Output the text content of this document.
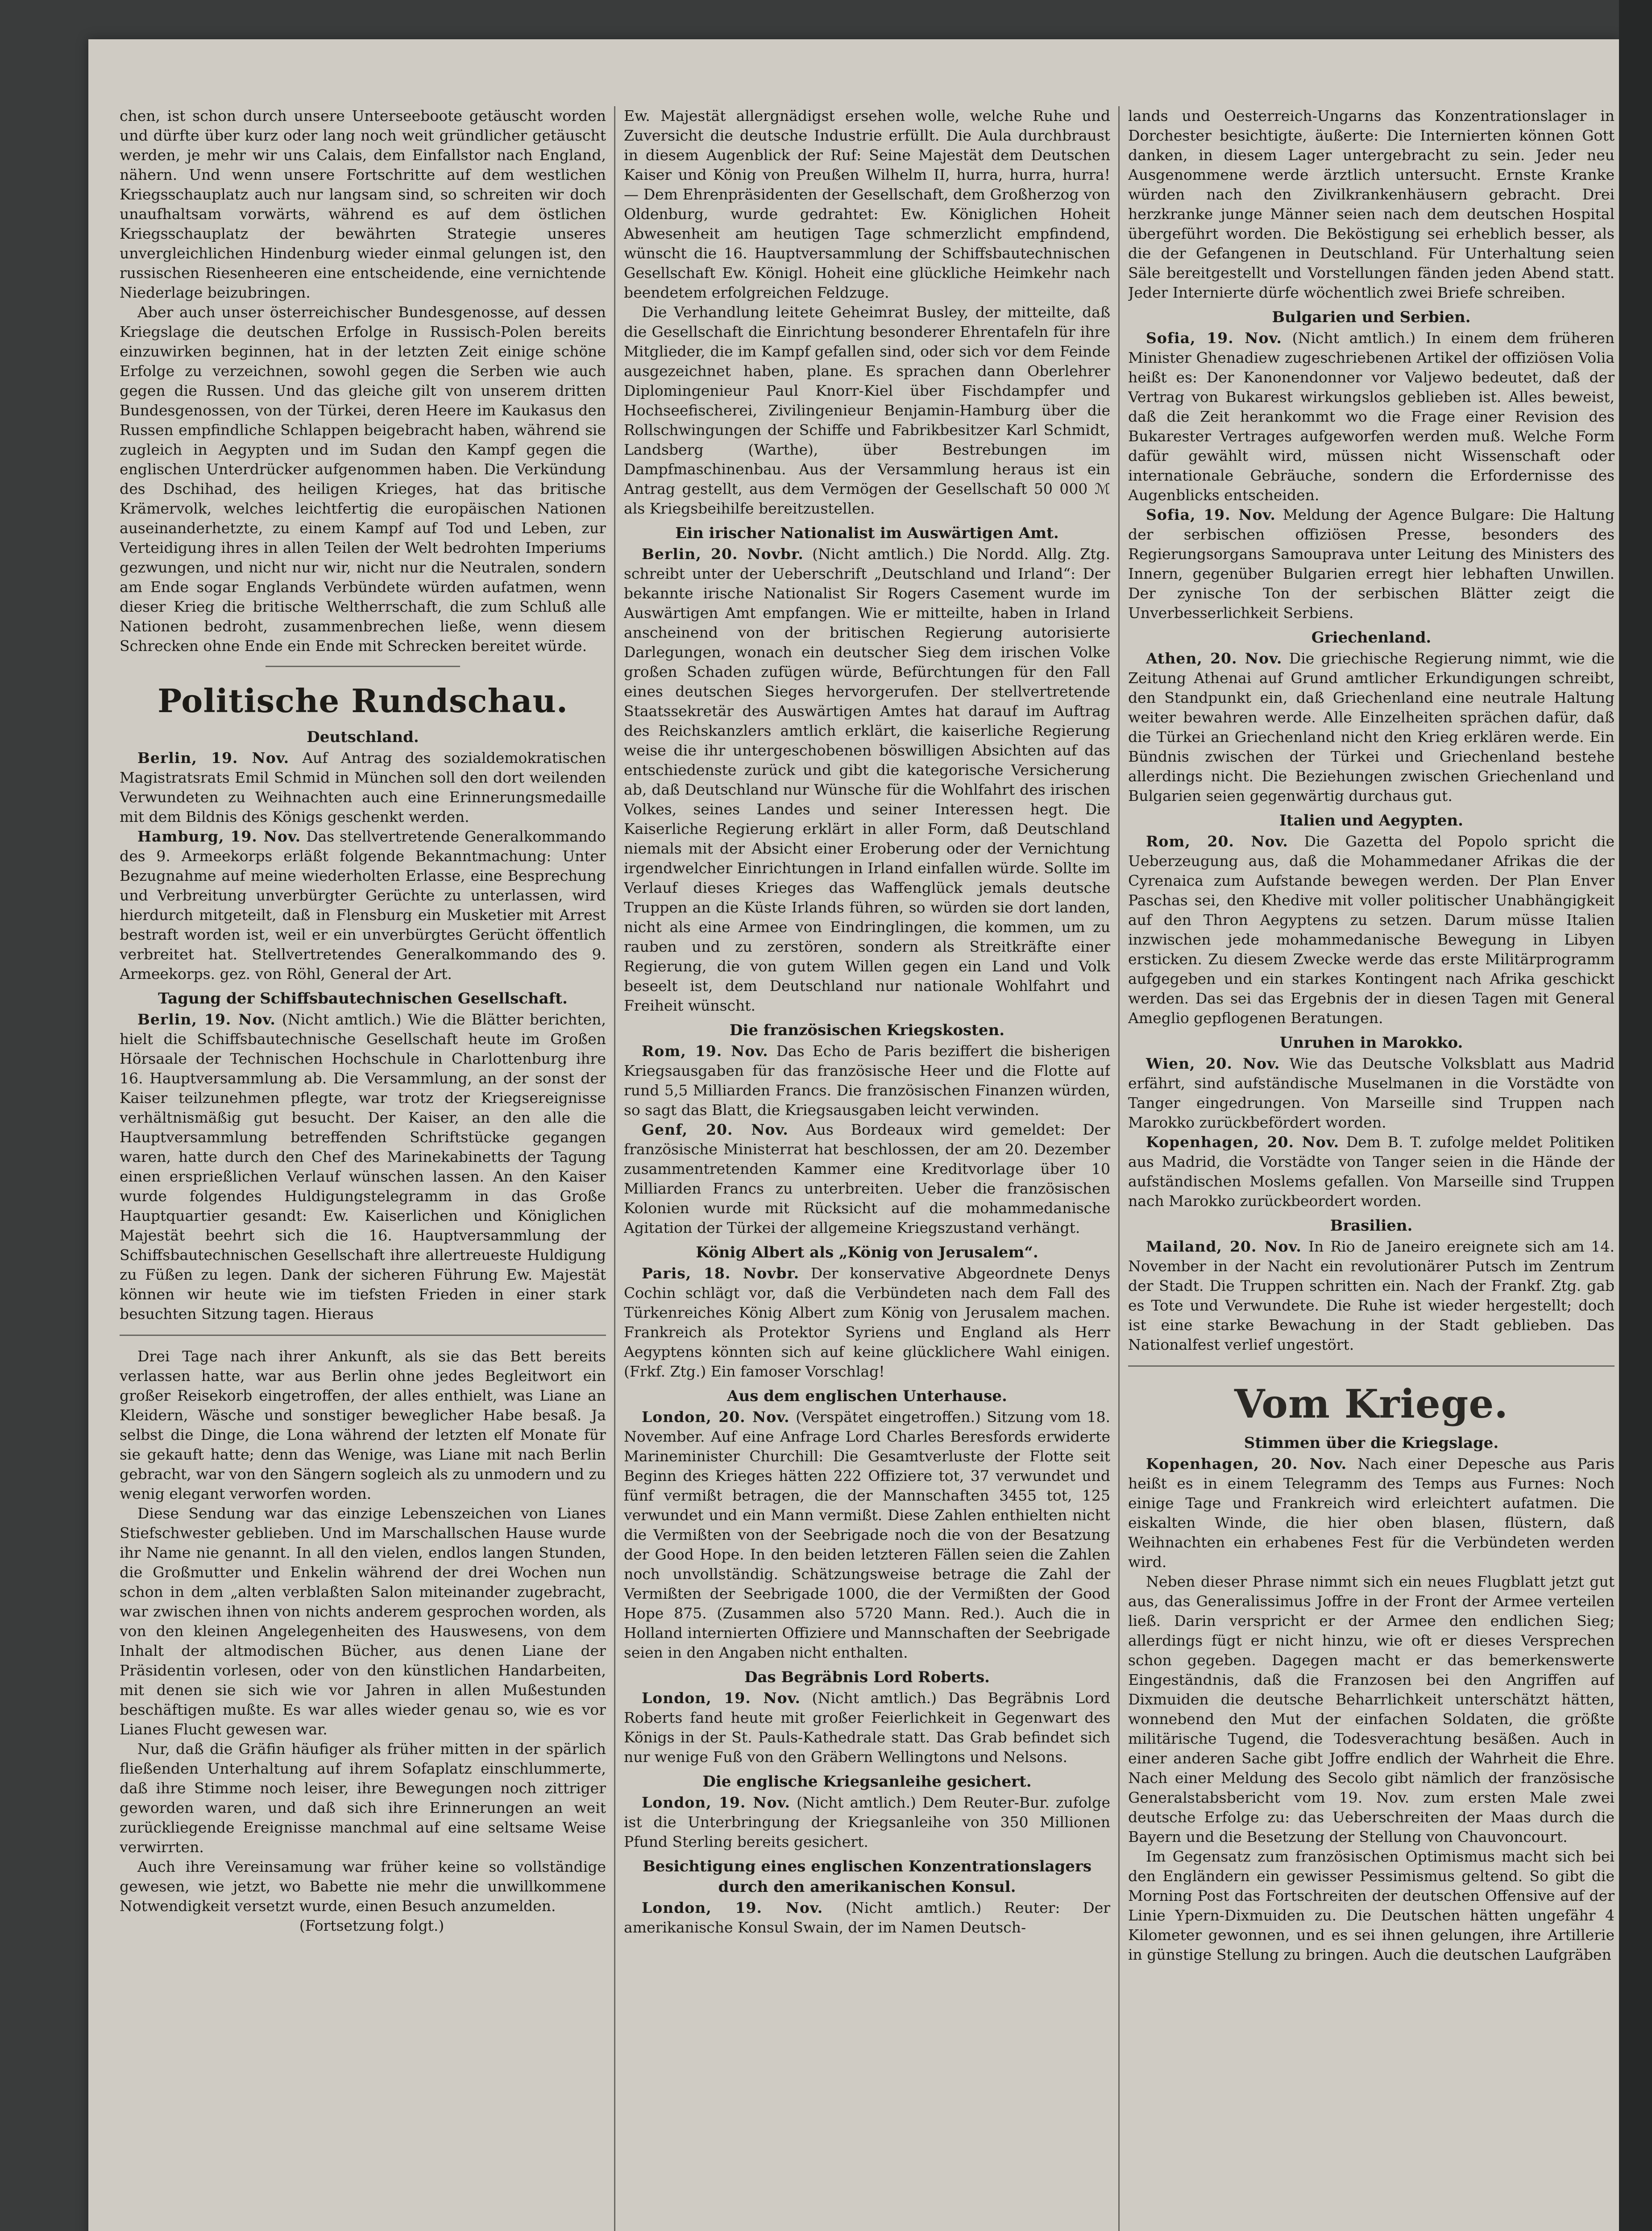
chen, ist schon durch unsere Unterseeboote getäuscht worden und dürfte über kurz oder lang noch weit gründlicher getäuscht werden, je mehr wir uns Calais, dem Einfallstor nach England, nähern. Und wenn unsere Fortschritte auf dem westlichen Kriegsschauplatz auch nur langsam sind, so schreiten wir doch unaufhaltsam vorwärts, während es auf dem östlichen Kriegsschauplatz der bewährten Strategie unseres unvergleichlichen Hindenburg wieder einmal gelungen ist, den russischen Riesenheeren eine entscheidende, eine vernichtende Niederlage beizubringen.

Aber auch unser österreichischer Bundesgenosse, auf dessen Kriegslage die deutschen Erfolge in Russisch-Polen bereits einzuwirken beginnen, hat in der letzten Zeit einige schöne Erfolge zu verzeichnen, sowohl gegen die Serben wie auch gegen die Russen. Und das gleiche gilt von unserem dritten Bundesgenossen, von der Türkei, deren Heere im Kaukasus den Russen empfindliche Schlappen beigebracht haben, während sie zugleich in Aegypten und im Sudan den Kampf gegen die englischen Unterdrücker aufgenommen haben. Die Verkündung des Dschihad, des heiligen Krieges, hat das britische Krämervolk, welches leichtfertig die europäischen Nationen auseinanderhetzte, zu einem Kampf auf Tod und Leben, zur Verteidigung ihres in allen Teilen der Welt bedrohten Imperiums gezwungen, und nicht nur wir, nicht nur die Neutralen, sondern am Ende sogar Englands Verbündete würden aufatmen, wenn dieser Krieg die britische Weltherrschaft, die zum Schluß alle Nationen bedroht, zusammenbrechen ließe, wenn diesem Schrecken ohne Ende ein Ende mit Schrecken bereitet würde.

Politische Rundschau.
Deutschland.

Berlin, 19. Nov. Auf Antrag des sozialdemokratischen Magistratsrats Emil Schmid in München soll den dort weilenden Verwundeten zu Weihnachten auch eine Erinnerungsmedaille mit dem Bildnis des Königs geschenkt werden.

Hamburg, 19. Nov. Das stellvertretende Generalkommando des 9. Armeekorps erläßt folgende Bekanntmachung: Unter Bezugnahme auf meine wiederholten Erlasse, eine Besprechung und Verbreitung unverbürgter Gerüchte zu unterlassen, wird hierdurch mitgeteilt, daß in Flensburg ein Musketier mit Arrest bestraft worden ist, weil er ein unverbürgtes Gerücht öffentlich verbreitet hat. Stellvertretendes Generalkommando des 9. Armeekorps. gez. von Röhl, General der Art.

Tagung der Schiffsbautechnischen Gesellschaft.

Berlin, 19. Nov. (Nicht amtlich.) Wie die Blätter berichten, hielt die Schiffsbautechnische Gesellschaft heute im Großen Hörsaale der Technischen Hochschule in Charlottenburg ihre 16. Hauptversammlung ab. Die Versammlung, an der sonst der Kaiser teilzunehmen pflegte, war trotz der Kriegsereignisse verhältnismäßig gut besucht. Der Kaiser, an den alle die Hauptversammlung betreffenden Schriftstücke gegangen waren, hatte durch den Chef des Marinekabinetts der Tagung einen ersprießlichen Verlauf wünschen lassen. An den Kaiser wurde folgendes Huldigungstelegramm in das Große Hauptquartier gesandt: Ew. Kaiserlichen und Königlichen Majestät beehrt sich die 16. Hauptversammlung der Schiffsbautechnischen Gesellschaft ihre allertreueste Huldigung zu Füßen zu legen. Dank der sicheren Führung Ew. Majestät können wir heute wie im tiefsten Frieden in einer stark besuchten Sitzung tagen. Hieraus

Drei Tage nach ihrer Ankunft, als sie das Bett bereits verlassen hatte, war aus Berlin ohne jedes Begleitwort ein großer Reisekorb eingetroffen, der alles enthielt, was Liane an Kleidern, Wäsche und sonstiger beweglicher Habe besaß. Ja selbst die Dinge, die Lona während der letzten elf Monate für sie gekauft hatte; denn das Wenige, was Liane mit nach Berlin gebracht, war von den Sängern sogleich als zu unmodern und zu wenig elegant verworfen worden.

Diese Sendung war das einzige Lebenszeichen von Lianes Stiefschwester geblieben. Und im Marschallschen Hause wurde ihr Name nie genannt. In all den vielen, endlos langen Stunden, die Großmutter und Enkelin während der drei Wochen nun schon in dem „alten verblaßten Salon miteinander zugebracht, war zwischen ihnen von nichts anderem gesprochen worden, als von den kleinen Angelegenheiten des Hauswesens, von dem Inhalt der altmodischen Bücher, aus denen Liane der Präsidentin vorlesen, oder von den künstlichen Handarbeiten, mit denen sie sich wie vor Jahren in allen Mußestunden beschäftigen mußte. Es war alles wieder genau so, wie es vor Lianes Flucht gewesen war.

Nur, daß die Gräfin häufiger als früher mitten in der spärlich fließenden Unterhaltung auf ihrem Sofaplatz einschlummerte, daß ihre Stimme noch leiser, ihre Bewegungen noch zittriger geworden waren, und daß sich ihre Erinnerungen an weit zurückliegende Ereignisse manchmal auf eine seltsame Weise verwirrten.

Auch ihre Vereinsamung war früher keine so vollständige gewesen, wie jetzt, wo Babette nie mehr die unwillkommene Notwendigkeit versetzt wurde, einen Besuch anzumelden.

(Fortsetzung folgt.)

Ew. Majestät allergnädigst ersehen wolle, welche Ruhe und Zuversicht die deutsche Industrie erfüllt. Die Aula durchbraust in diesem Augenblick der Ruf: Seine Majestät dem Deutschen Kaiser und König von Preußen Wilhelm II, hurra, hurra, hurra! — Dem Ehrenpräsidenten der Gesellschaft, dem Großherzog von Oldenburg, wurde gedrahtet: Ew. Königlichen Hoheit Abwesenheit am heutigen Tage schmerzlicht empfindend, wünscht die 16. Hauptversammlung der Schiffsbautechnischen Gesellschaft Ew. Königl. Hoheit eine glückliche Heimkehr nach beendetem erfolgreichen Feldzuge.

Die Verhandlung leitete Geheimrat Busley, der mitteilte, daß die Gesellschaft die Einrichtung besonderer Ehrentafeln für ihre Mitglieder, die im Kampf gefallen sind, oder sich vor dem Feinde ausgezeichnet haben, plane. Es sprachen dann Oberlehrer Diplomingenieur Paul Knorr-Kiel über Fischdampfer und Hochseefischerei, Zivilingenieur Benjamin-Hamburg über die Rollschwingungen der Schiffe und Fabrikbesitzer Karl Schmidt, Landsberg (Warthe), über Bestrebungen im Dampfmaschinenbau. Aus der Versammlung heraus ist ein Antrag gestellt, aus dem Vermögen der Gesellschaft 50 000 ℳ als Kriegsbeihilfe bereitzustellen.

Ein irischer Nationalist im Auswärtigen Amt.

Berlin, 20. Novbr. (Nicht amtlich.) Die Nordd. Allg. Ztg. schreibt unter der Ueberschrift „Deutschland und Irland“: Der bekannte irische Nationalist Sir Rogers Casement wurde im Auswärtigen Amt empfangen. Wie er mitteilte, haben in Irland anscheinend von der britischen Regierung autorisierte Darlegungen, wonach ein deutscher Sieg dem irischen Volke großen Schaden zufügen würde, Befürchtungen für den Fall eines deutschen Sieges hervorgerufen. Der stellvertretende Staatssekretär des Auswärtigen Amtes hat darauf im Auftrag des Reichskanzlers amtlich erklärt, die kaiserliche Regierung weise die ihr untergeschobenen böswilligen Absichten auf das entschiedenste zurück und gibt die kategorische Versicherung ab, daß Deutschland nur Wünsche für die Wohlfahrt des irischen Volkes, seines Landes und seiner Interessen hegt. Die Kaiserliche Regierung erklärt in aller Form, daß Deutschland niemals mit der Absicht einer Eroberung oder der Vernichtung irgendwelcher Einrichtungen in Irland einfallen würde. Sollte im Verlauf dieses Krieges das Waffenglück jemals deutsche Truppen an die Küste Irlands führen, so würden sie dort landen, nicht als eine Armee von Eindringlingen, die kommen, um zu rauben und zu zerstören, sondern als Streitkräfte einer Regierung, die von gutem Willen gegen ein Land und Volk beseelt ist, dem Deutschland nur nationale Wohlfahrt und Freiheit wünscht.

Die französischen Kriegskosten.

Rom, 19. Nov. Das Echo de Paris beziffert die bisherigen Kriegsausgaben für das französische Heer und die Flotte auf rund 5,5 Milliarden Francs. Die französischen Finanzen würden, so sagt das Blatt, die Kriegsausgaben leicht verwinden.

Genf, 20. Nov. Aus Bordeaux wird gemeldet: Der französische Ministerrat hat beschlossen, der am 20. Dezember zusammentretenden Kammer eine Kreditvorlage über 10 Milliarden Francs zu unterbreiten. Ueber die französischen Kolonien wurde mit Rücksicht auf die mohammedanische Agitation der Türkei der allgemeine Kriegszustand verhängt.

König Albert als „König von Jerusalem“.

Paris, 18. Novbr. Der konservative Abgeordnete Denys Cochin schlägt vor, daß die Verbündeten nach dem Fall des Türkenreiches König Albert zum König von Jerusalem machen. Frankreich als Protektor Syriens und England als Herr Aegyptens könnten sich auf keine glücklichere Wahl einigen. (Frkf. Ztg.) Ein famoser Vorschlag!

Aus dem englischen Unterhause.

London, 20. Nov. (Verspätet eingetroffen.) Sitzung vom 18. November. Auf eine Anfrage Lord Charles Beresfords erwiderte Marineminister Churchill: Die Gesamtverluste der Flotte seit Beginn des Krieges hätten 222 Offiziere tot, 37 verwundet und fünf vermißt betragen, die der Mannschaften 3455 tot, 125 verwundet und ein Mann vermißt. Diese Zahlen enthielten nicht die Vermißten von der Seebrigade noch die von der Besatzung der Good Hope. In den beiden letzteren Fällen seien die Zahlen noch unvollständig. Schätzungsweise betrage die Zahl der Vermißten der Seebrigade 1000, die der Vermißten der Good Hope 875. (Zusammen also 5720 Mann. Red.). Auch die in Holland internierten Offiziere und Mannschaften der Seebrigade seien in den Angaben nicht enthalten.

Das Begräbnis Lord Roberts.

London, 19. Nov. (Nicht amtlich.) Das Begräbnis Lord Roberts fand heute mit großer Feierlichkeit in Gegenwart des Königs in der St. Pauls-Kathedrale statt. Das Grab befindet sich nur wenige Fuß von den Gräbern Wellingtons und Nelsons.

Die englische Kriegsanleihe gesichert.

London, 19. Nov. (Nicht amtlich.) Dem Reuter-Bur. zufolge ist die Unterbringung der Kriegsanleihe von 350 Millionen Pfund Sterling bereits gesichert.

Besichtigung eines englischen Konzentrationslagers durch den amerikanischen Konsul.

London, 19. Nov. (Nicht amtlich.) Reuter: Der amerikanische Konsul Swain, der im Namen Deutsch-

lands und Oesterreich-Ungarns das Konzentrationslager in Dorchester besichtigte, äußerte: Die Internierten können Gott danken, in diesem Lager untergebracht zu sein. Jeder neu Ausgenommene werde ärztlich untersucht. Ernste Kranke würden nach den Zivilkrankenhäusern gebracht. Drei herzkranke junge Männer seien nach dem deutschen Hospital übergeführt worden. Die Beköstigung sei erheblich besser, als die der Gefangenen in Deutschland. Für Unterhaltung seien Säle bereitgestellt und Vorstellungen fänden jeden Abend statt. Jeder Internierte dürfe wöchentlich zwei Briefe schreiben.

Bulgarien und Serbien.

Sofia, 19. Nov. (Nicht amtlich.) In einem dem früheren Minister Ghenadiew zugeschriebenen Artikel der offiziösen Volia heißt es: Der Kanonendonner vor Valjewo bedeutet, daß der Vertrag von Bukarest wirkungslos geblieben ist. Alles beweist, daß die Zeit herankommt wo die Frage einer Revision des Bukarester Vertrages aufgeworfen werden muß. Welche Form dafür gewählt wird, müssen nicht Wissenschaft oder internationale Gebräuche, sondern die Erfordernisse des Augenblicks entscheiden.

Sofia, 19. Nov. Meldung der Agence Bulgare: Die Haltung der serbischen offiziösen Presse, besonders des Regierungsorgans Samouprava unter Leitung des Ministers des Innern, gegenüber Bulgarien erregt hier lebhaften Unwillen. Der zynische Ton der serbischen Blätter zeigt die Unverbesserlichkeit Serbiens.

Griechenland.

Athen, 20. Nov. Die griechische Regierung nimmt, wie die Zeitung Athenai auf Grund amtlicher Erkundigungen schreibt, den Standpunkt ein, daß Griechenland eine neutrale Haltung weiter bewahren werde. Alle Einzelheiten sprächen dafür, daß die Türkei an Griechenland nicht den Krieg erklären werde. Ein Bündnis zwischen der Türkei und Griechenland bestehe allerdings nicht. Die Beziehungen zwischen Griechenland und Bulgarien seien gegenwärtig durchaus gut.

Italien und Aegypten.

Rom, 20. Nov. Die Gazetta del Popolo spricht die Ueberzeugung aus, daß die Mohammedaner Afrikas die der Cyrenaica zum Aufstande bewegen werden. Der Plan Enver Paschas sei, den Khedive mit voller politischer Unabhängigkeit auf den Thron Aegyptens zu setzen. Darum müsse Italien inzwischen jede mohammedanische Bewegung in Libyen ersticken. Zu diesem Zwecke werde das erste Militärprogramm aufgegeben und ein starkes Kontingent nach Afrika geschickt werden. Das sei das Ergebnis der in diesen Tagen mit General Ameglio gepflogenen Beratungen.

Unruhen in Marokko.

Wien, 20. Nov. Wie das Deutsche Volksblatt aus Madrid erfährt, sind aufständische Muselmanen in die Vorstädte von Tanger eingedrungen. Von Marseille sind Truppen nach Marokko zurückbefördert worden.

Kopenhagen, 20. Nov. Dem B. T. zufolge meldet Politiken aus Madrid, die Vorstädte von Tanger seien in die Hände der aufständischen Moslems gefallen. Von Marseille sind Truppen nach Marokko zurückbeordert worden.

Brasilien.

Mailand, 20. Nov. In Rio de Janeiro ereignete sich am 14. November in der Nacht ein revolutionärer Putsch im Zentrum der Stadt. Die Truppen schritten ein. Nach der Frankf. Ztg. gab es Tote und Verwundete. Die Ruhe ist wieder hergestellt; doch ist eine starke Bewachung in der Stadt geblieben. Das Nationalfest verlief ungestört.

Vom Kriege.
Stimmen über die Kriegslage.

Kopenhagen, 20. Nov. Nach einer Depesche aus Paris heißt es in einem Telegramm des Temps aus Furnes: Noch einige Tage und Frankreich wird erleichtert aufatmen. Die eiskalten Winde, die hier oben blasen, flüstern, daß Weihnachten ein erhabenes Fest für die Verbündeten werden wird.

Neben dieser Phrase nimmt sich ein neues Flugblatt jetzt gut aus, das Generalissimus Joffre in der Front der Armee verteilen ließ. Darin verspricht er der Armee den endlichen Sieg; allerdings fügt er nicht hinzu, wie oft er dieses Versprechen schon gegeben. Dagegen macht er das bemerkenswerte Eingeständnis, daß die Franzosen bei den Angriffen auf Dixmuiden die deutsche Beharrlichkeit unterschätzt hätten, wonnebend den Mut der einfachen Soldaten, die größte militärische Tugend, die Todesverachtung besäßen. Auch in einer anderen Sache gibt Joffre endlich der Wahrheit die Ehre. Nach einer Meldung des Secolo gibt nämlich der französische Generalstabsbericht vom 19. Nov. zum ersten Male zwei deutsche Erfolge zu: das Ueberschreiten der Maas durch die Bayern und die Besetzung der Stellung von Chauvoncourt.

Im Gegensatz zum französischen Optimismus macht sich bei den Engländern ein gewisser Pessimismus geltend. So gibt die Morning Post das Fortschreiten der deutschen Offensive auf der Linie Ypern-Dixmuiden zu. Die Deutschen hätten ungefähr 4 Kilometer gewonnen, und es sei ihnen gelungen, ihre Artillerie in günstige Stellung zu bringen. Auch die deutschen Laufgräben
